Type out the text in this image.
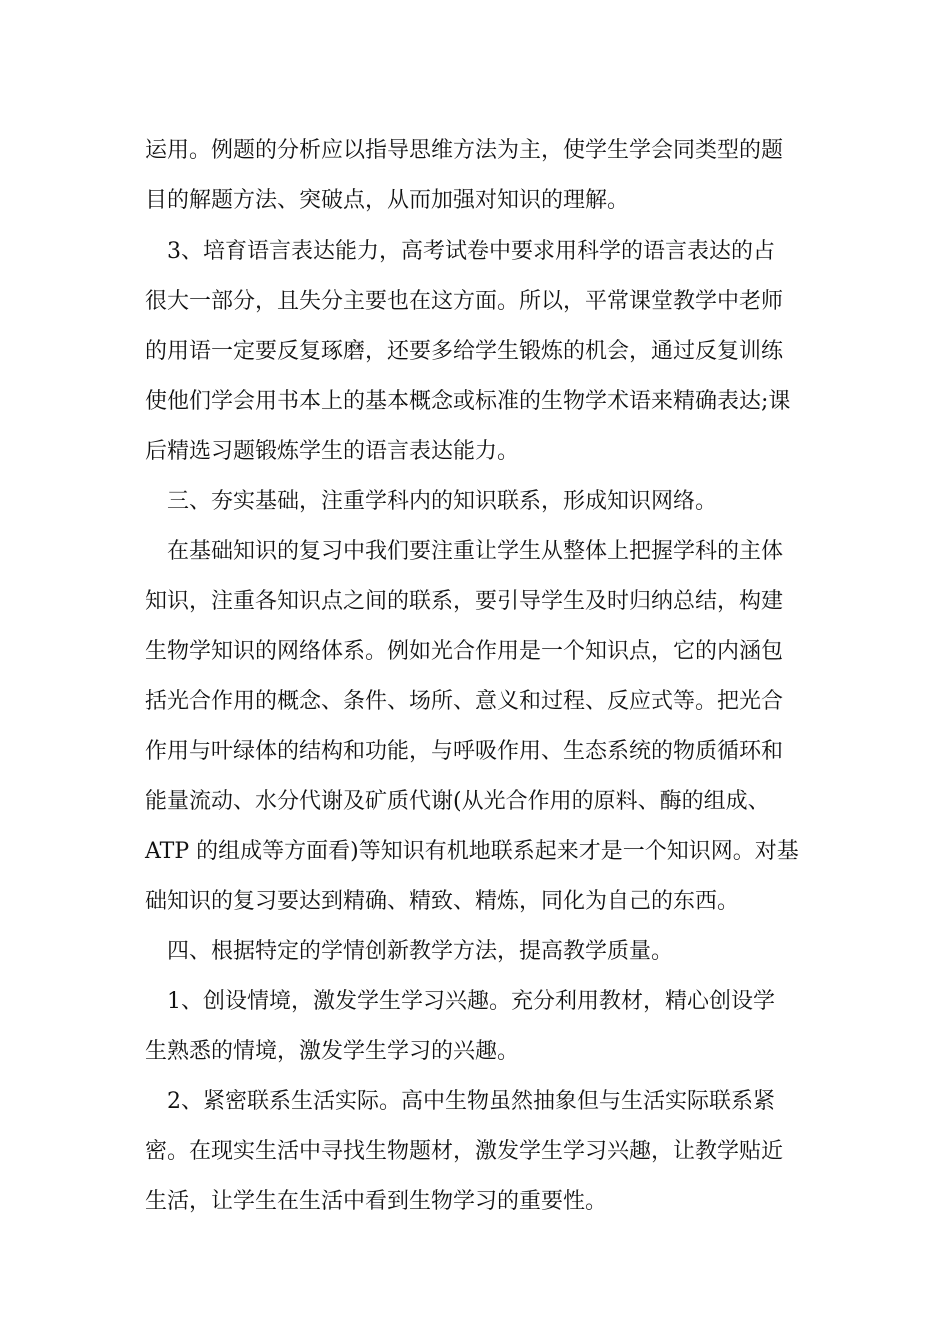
运用。例题的分析应以指导思维方法为主，使学生学会同类型的题
目的解题方法、突破点，从而加强对知识的理解。
　3、培育语言表达能力，高考试卷中要求用科学的语言表达的占
很大一部分，且失分主要也在这方面。所以，平常课堂教学中老师
的用语一定要反复琢磨，还要多给学生锻炼的机会，通过反复训练
使他们学会用书本上的基本概念或标准的生物学术语来精确表达;课
后精选习题锻炼学生的语言表达能力。
　三、夯实基础，注重学科内的知识联系，形成知识网络。
　在基础知识的复习中我们要注重让学生从整体上把握学科的主体
知识，注重各知识点之间的联系，要引导学生及时归纳总结，构建
生物学知识的网络体系。例如光合作用是一个知识点，它的内涵包
括光合作用的概念、条件、场所、意义和过程、反应式等。把光合
作用与叶绿体的结构和功能，与呼吸作用、生态系统的物质循环和
能量流动、水分代谢及矿质代谢(从光合作用的原料、酶的组成、
ATP 的组成等方面看)等知识有机地联系起来才是一个知识网。对基
础知识的复习要达到精确、精致、精炼，同化为自己的东西。
　四、根据特定的学情创新教学方法，提高教学质量。
　1、创设情境，激发学生学习兴趣。充分利用教材，精心创设学
生熟悉的情境，激发学生学习的兴趣。
　2、紧密联系生活实际。高中生物虽然抽象但与生活实际联系紧
密。在现实生活中寻找生物题材，激发学生学习兴趣，让教学贴近
生活，让学生在生活中看到生物学习的重要性。
